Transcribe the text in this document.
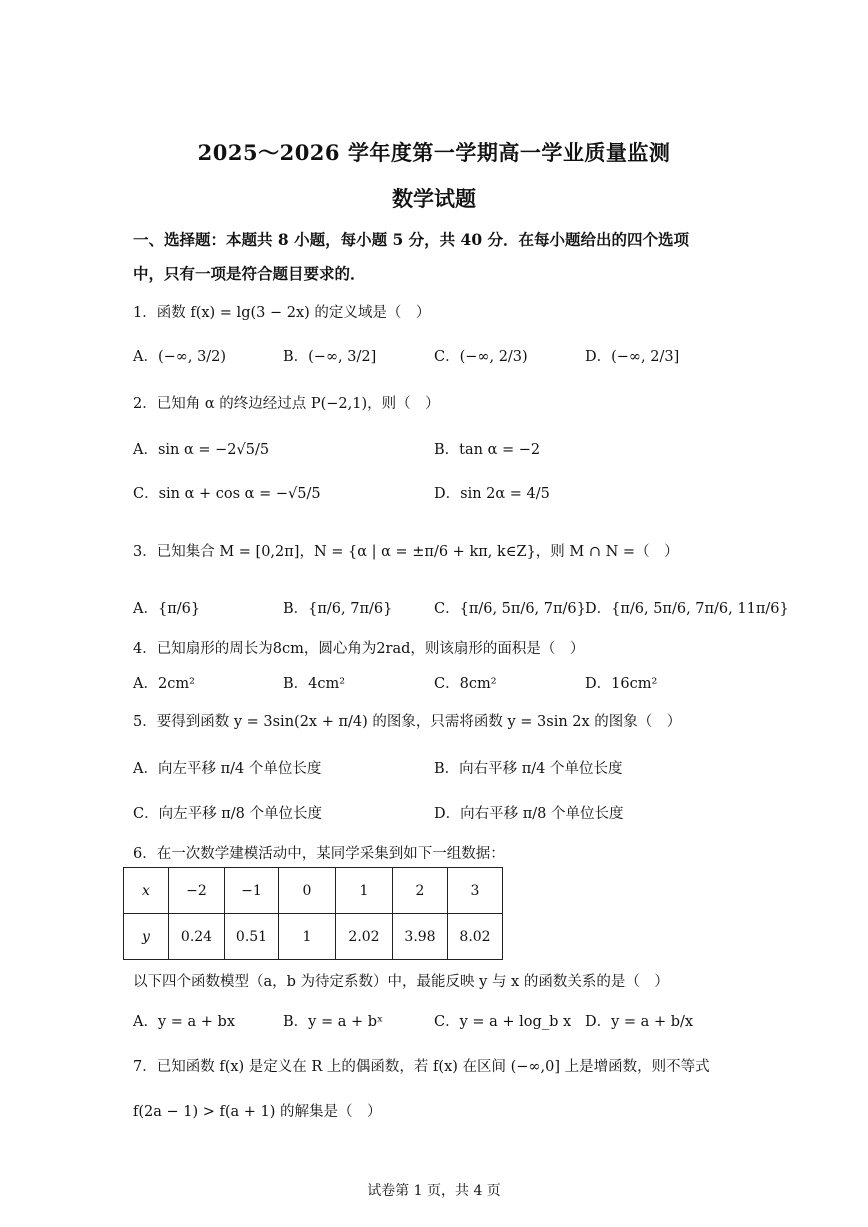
2025～2026 学年度第一学期高一学业质量监测
数学试题
一、选择题：本题共 8 小题，每小题 5 分，共 40 分．在每小题给出的四个选项
中，只有一项是符合题目要求的．
1．函数 f(x) = lg(3 − 2x) 的定义域是（　）
A．(−∞, 3/2)	B．(−∞, 3/2]	C．(−∞, 2/3)	D．(−∞, 2/3]
2．已知角 α 的终边经过点 P(−2,1)，则（　）
A．sin α = −2√5/5	B．tan α = −2
C．sin α + cos α = −√5/5	D．sin 2α = 4/5
3．已知集合 M = [0,2π]，N = {α | α = ±π/6 + kπ, k∈Z}，则 M ∩ N =（　）
A．{π/6}	B．{π/6, 7π/6}	C．{π/6, 5π/6, 7π/6} D．{π/6, 5π/6, 7π/6, 11π/6}
4．已知扇形的周长为8cm，圆心角为2rad，则该扇形的面积是（　）
A．2cm²	B．4cm²	C．8cm²	D．16cm²
5．要得到函数 y = 3sin(2x + π/4) 的图象，只需将函数 y = 3sin 2x 的图象（　）
A．向左平移 π/4 个单位长度	B．向右平移 π/4 个单位长度
C．向左平移 π/8 个单位长度	D．向右平移 π/8 个单位长度
6．在一次数学建模活动中，某同学采集到如下一组数据：
x	−2	−1	0	1	2	3
y	0.24	0.51	1	2.02	3.98	8.02
以下四个函数模型（a，b 为待定系数）中，最能反映 y 与 x 的函数关系的是（　）
A．y = a + bx	B．y = a + bˣ	C．y = a + log_b x D．y = a + b/x
7．已知函数 f(x) 是定义在 R 上的偶函数，若 f(x) 在区间 (−∞,0] 上是增函数，则不等式
f(2a − 1) > f(a + 1) 的解集是（　）
试卷第 1 页，共 4 页
